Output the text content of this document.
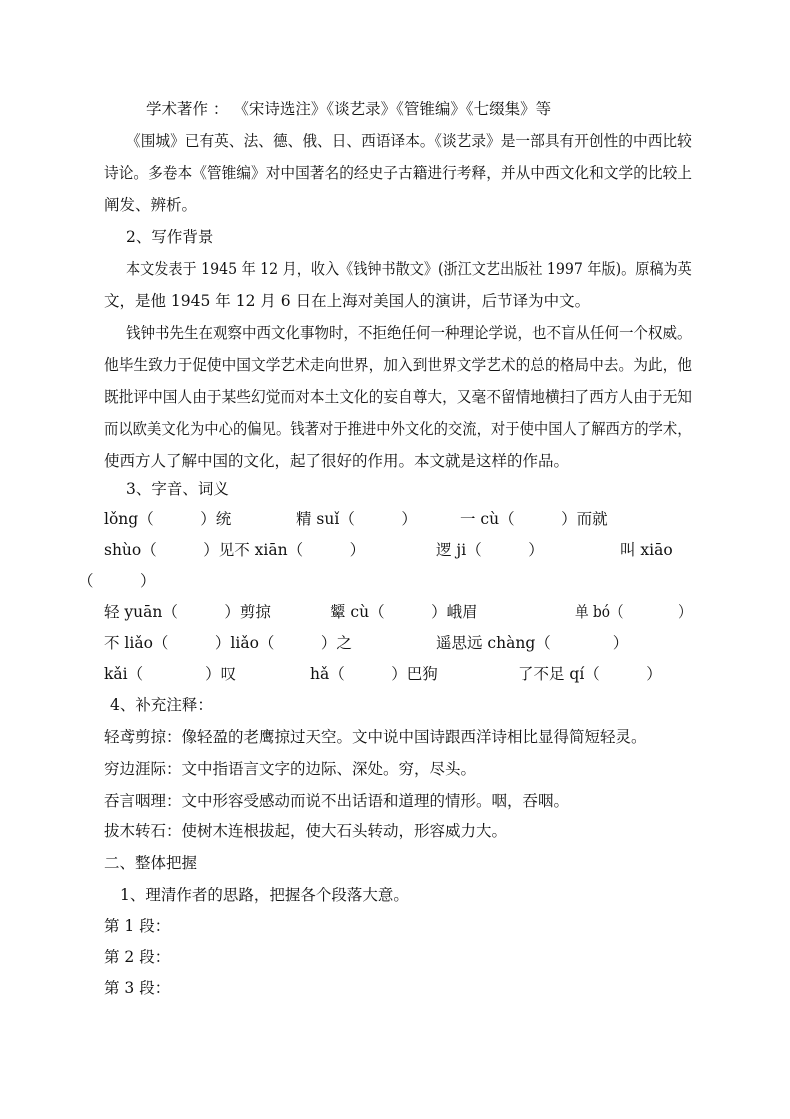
学术著作 ： 《宋诗选注》《谈艺录》《管锥编》《七缀集》等
《围城》已有英、法、德、俄、日、西语译本。《谈艺录》是一部具有开创性的中西比较
诗论。多卷本《管锥编》对中国著名的经史子古籍进行考释，并从中西文化和文学的比较上
阐发、辨析。
2、写作背景
本文发表于 1945 年 12 月，收入《钱钟书散文》(浙江文艺出版社 1997 年版)。原稿为英
文，是他 1945 年 12 月 6 日在上海对美国人的演讲，后节译为中文。
钱钟书先生在观察中西文化事物时，不拒绝任何一种理论学说，也不盲从任何一个权威。
他毕生致力于促使中国文学艺术走向世界，加入到世界文学艺术的总的格局中去。为此，他
既批评中国人由于某些幻觉而对本土文化的妄自尊大，又毫不留情地横扫了西方人由于无知
而以欧美文化为中心的偏见。钱著对于推进中外文化的交流，对于使中国人了解西方的学术，
使西方人了解中国的文化，起了很好的作用。本文就是这样的作品。
3、字音、词义
lǒng（　　　）统	精 suǐ（　　　）	一 cù（　　　）而就
shùo（　　　）见不 xiān（　　　）	逻 ji（　　　）	叫 xiāo
（　　　）
轻 yuān（　　　）剪掠	颦 cù（　　　）峨眉	单 bó（　　　　）
不 liǎo（　　　）liǎo（　　　）之	遥思远 chàng（　　　　）
kǎi（　　　　）叹	hǎ（　　　）巴狗	了不足 qí（　　　）
4、补充注释：
轻鸢剪掠：像轻盈的老鹰掠过天空。文中说中国诗跟西洋诗相比显得简短轻灵。
穷边涯际：文中指语言文字的边际、深处。穷，尽头。
吞言咽理：文中形容受感动而说不出话语和道理的情形。咽，吞咽。
拔木转石：使树木连根拔起，使大石头转动，形容威力大。
二、整体把握
1、理清作者的思路，把握各个段落大意。
第 1 段：
第 2 段：
第 3 段：
